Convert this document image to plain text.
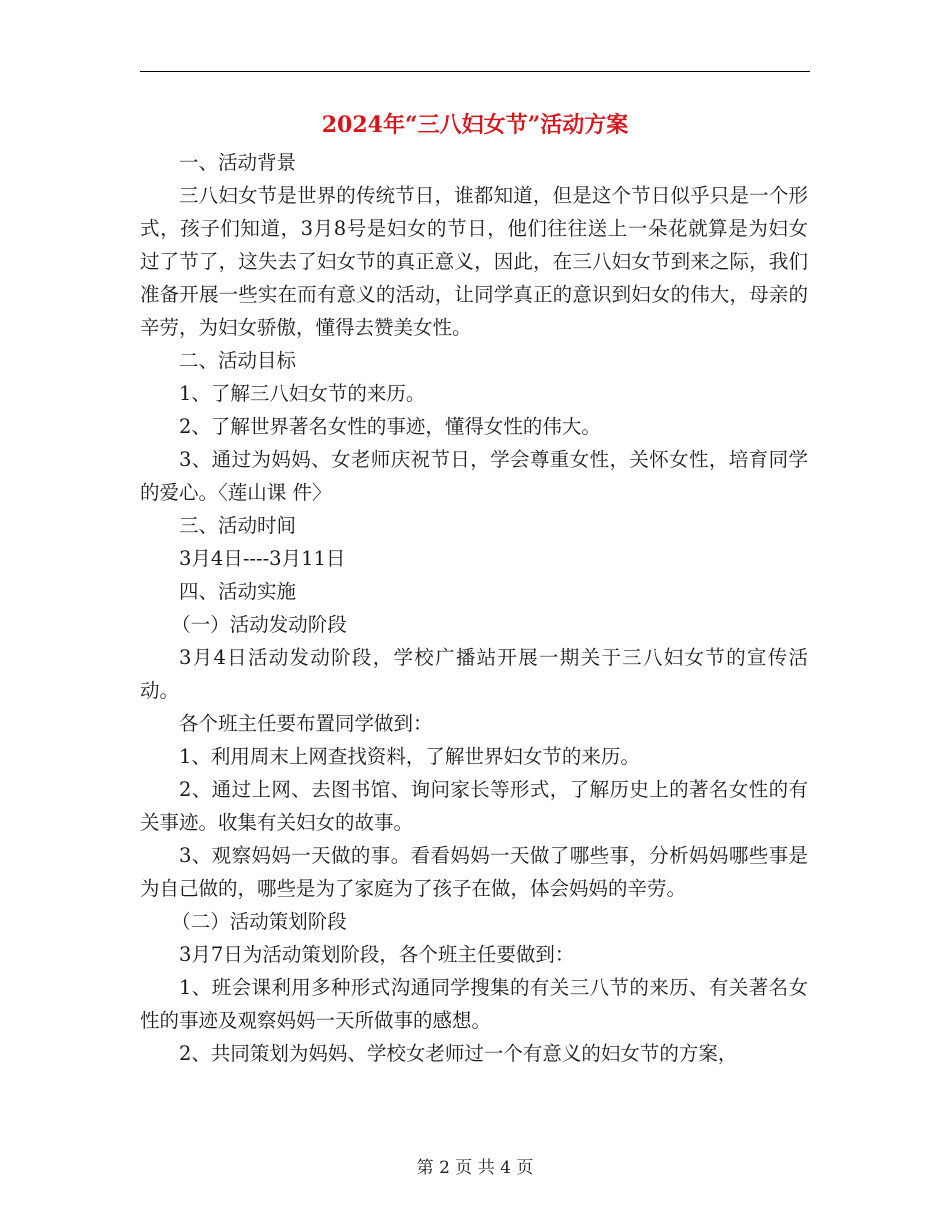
2024年“三八妇女节”活动方案

一、活动背景

三八妇女节是世界的传统节日，谁都知道，但是这个节日似乎只是一个形式，孩子们知道，3月8号是妇女的节日，他们往往送上一朵花就算是为妇女过了节了，这失去了妇女节的真正意义，因此，在三八妇女节到来之际，我们准备开展一些实在而有意义的活动，让同学真正的意识到妇女的伟大，母亲的辛劳，为妇女骄傲，懂得去赞美女性。

二、活动目标

1、了解三八妇女节的来历。

2、了解世界著名女性的事迹，懂得女性的伟大。

3、通过为妈妈、女老师庆祝节日，学会尊重女性，关怀女性，培育同学的爱心。〈莲山课 件〉

三、活动时间

3月4日----3月11日

四、活动实施

（一）活动发动阶段

3月4日活动发动阶段，学校广播站开展一期关于三八妇女节的宣传活动。

各个班主任要布置同学做到：

1、利用周末上网查找资料，了解世界妇女节的来历。

2、通过上网、去图书馆、询问家长等形式，了解历史上的著名女性的有关事迹。收集有关妇女的故事。

3、观察妈妈一天做的事。看看妈妈一天做了哪些事，分析妈妈哪些事是为自己做的，哪些是为了家庭为了孩子在做，体会妈妈的辛劳。

（二）活动策划阶段

3月7日为活动策划阶段，各个班主任要做到：

1、班会课利用多种形式沟通同学搜集的有关三八节的来历、有关著名女性的事迹及观察妈妈一天所做事的感想。

2、共同策划为妈妈、学校女老师过一个有意义的妇女节的方案，

第 2 页 共 4 页
